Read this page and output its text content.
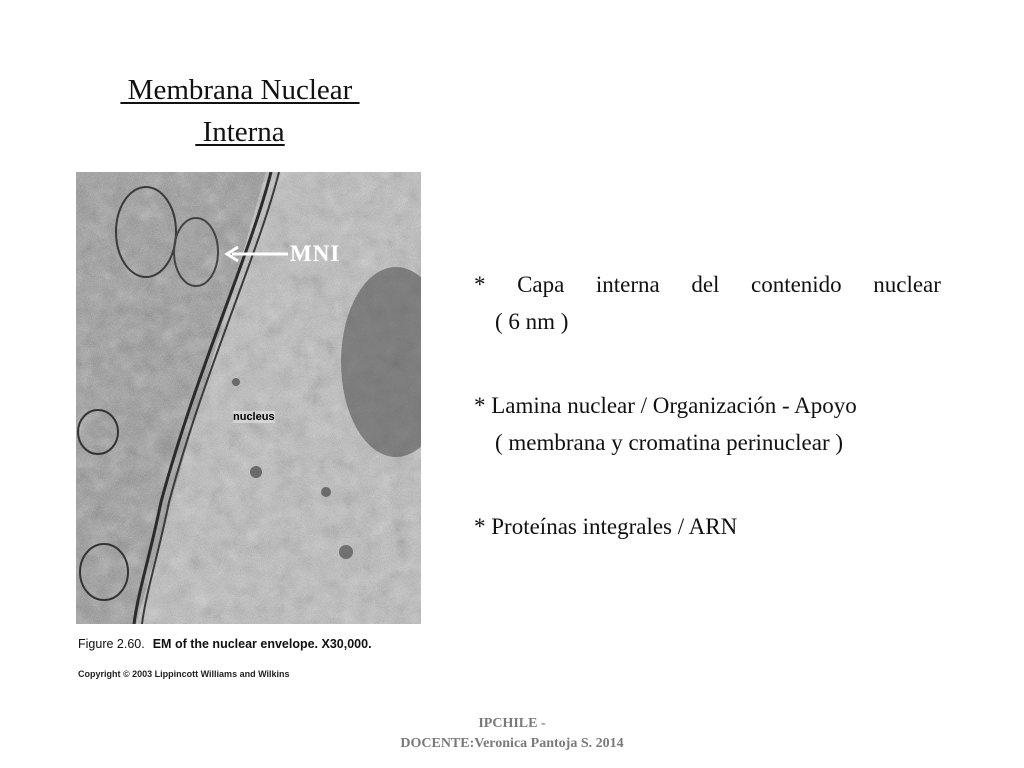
Membrana Nuclear
Interna
MNI
nucleus
Figure 2.60. EM of the nuclear envelope. X30,000.
Copyright © 2003 Lippincott Williams and Wilkins
* Capa interna del contenido nuclear
( 6 nm )
* Lamina nuclear / Organización - Apoyo
( membrana y cromatina perinuclear )
* Proteínas integrales / ARN
IPCHILE -
DOCENTE:Veronica Pantoja S. 2014
